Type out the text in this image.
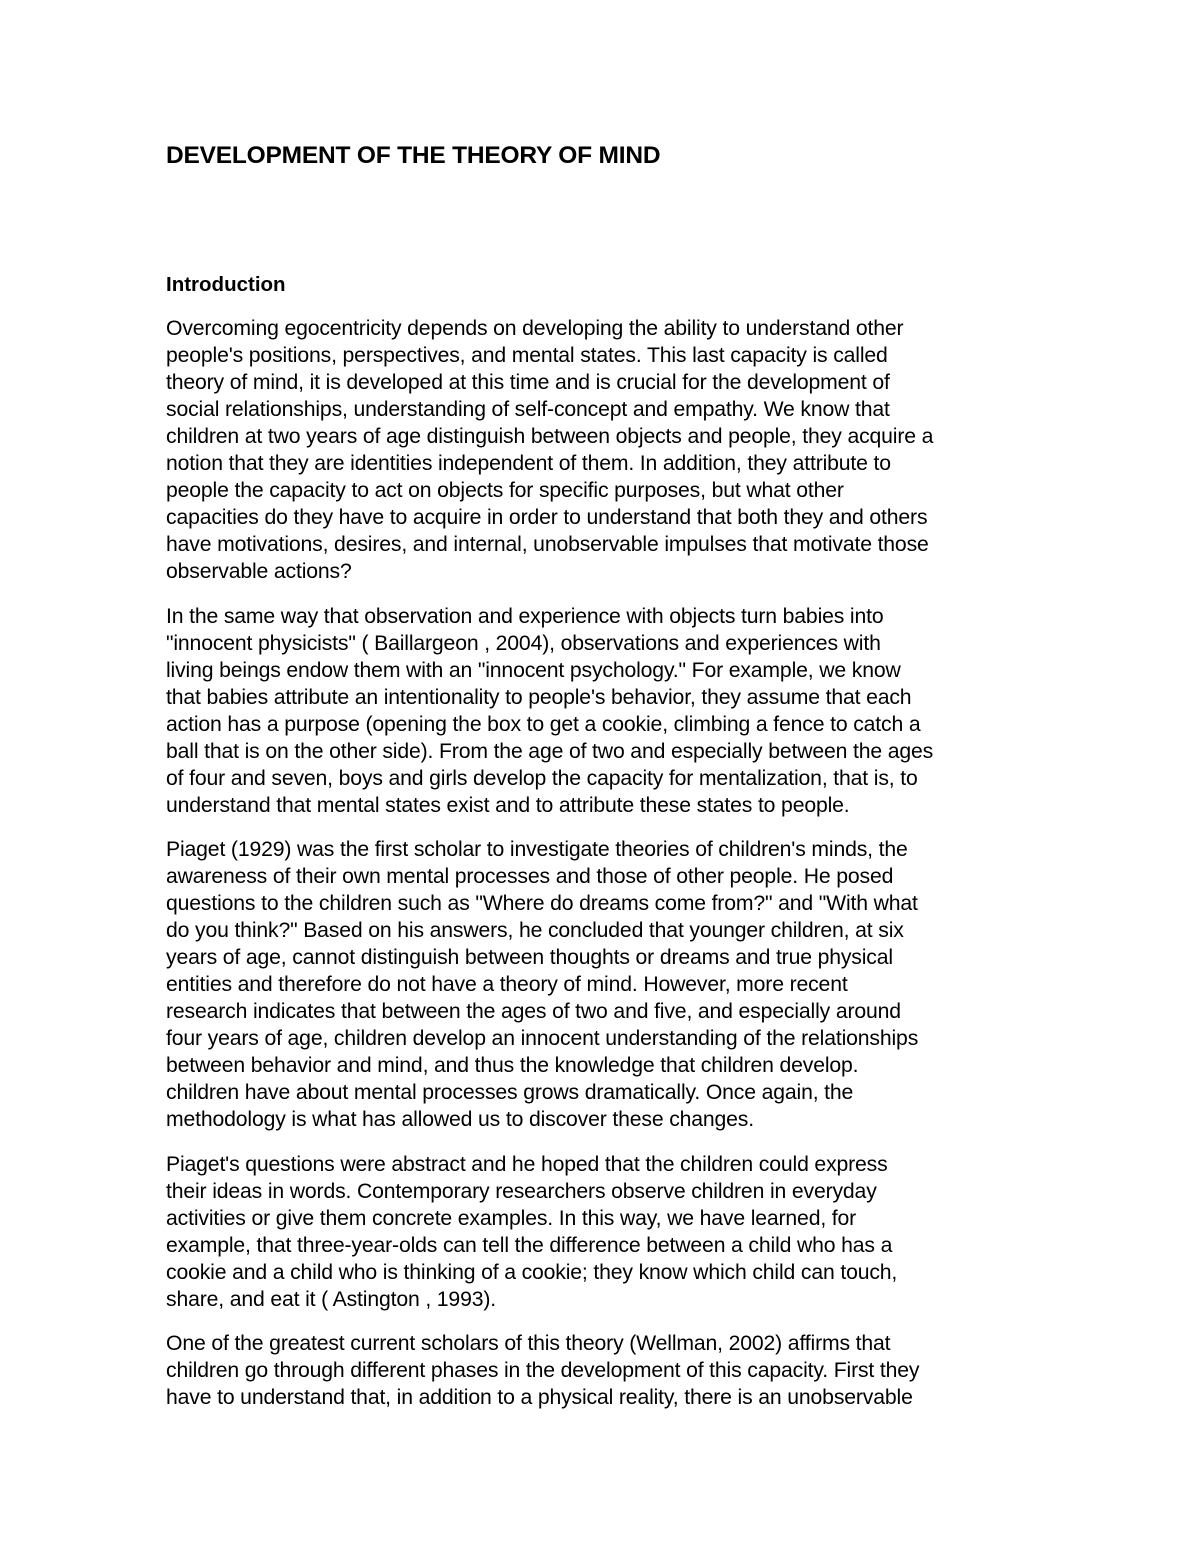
DEVELOPMENT OF THE THEORY OF MIND
Introduction

Overcoming egocentricity depends on developing the ability to understand other
people's positions, perspectives, and mental states. This last capacity is called
theory of mind, it is developed at this time and is crucial for the development of
social relationships, understanding of self-concept and empathy. We know that
children at two years of age distinguish between objects and people, they acquire a
notion that they are identities independent of them. In addition, they attribute to
people the capacity to act on objects for specific purposes, but what other
capacities do they have to acquire in order to understand that both they and others
have motivations, desires, and internal, unobservable impulses that motivate those
observable actions?

In the same way that observation and experience with objects turn babies into
"innocent physicists" ( Baillargeon , 2004), observations and experiences with
living beings endow them with an "innocent psychology." For example, we know
that babies attribute an intentionality to people's behavior, they assume that each
action has a purpose (opening the box to get a cookie, climbing a fence to catch a
ball that is on the other side). From the age of two and especially between the ages
of four and seven, boys and girls develop the capacity for mentalization, that is, to
understand that mental states exist and to attribute these states to people.

Piaget (1929) was the first scholar to investigate theories of children's minds, the
awareness of their own mental processes and those of other people. He posed
questions to the children such as "Where do dreams come from?" and "With what
do you think?" Based on his answers, he concluded that younger children, at six
years of age, cannot distinguish between thoughts or dreams and true physical
entities and therefore do not have a theory of mind. However, more recent
research indicates that between the ages of two and five, and especially around
four years of age, children develop an innocent understanding of the relationships
between behavior and mind, and thus the knowledge that children develop.
children have about mental processes grows dramatically. Once again, the
methodology is what has allowed us to discover these changes.

Piaget's questions were abstract and he hoped that the children could express
their ideas in words. Contemporary researchers observe children in everyday
activities or give them concrete examples. In this way, we have learned, for
example, that three-year-olds can tell the difference between a child who has a
cookie and a child who is thinking of a cookie; they know which child can touch,
share, and eat it ( Astington , 1993).

One of the greatest current scholars of this theory (Wellman, 2002) affirms that
children go through different phases in the development of this capacity. First they
have to understand that, in addition to a physical reality, there is an unobservable
